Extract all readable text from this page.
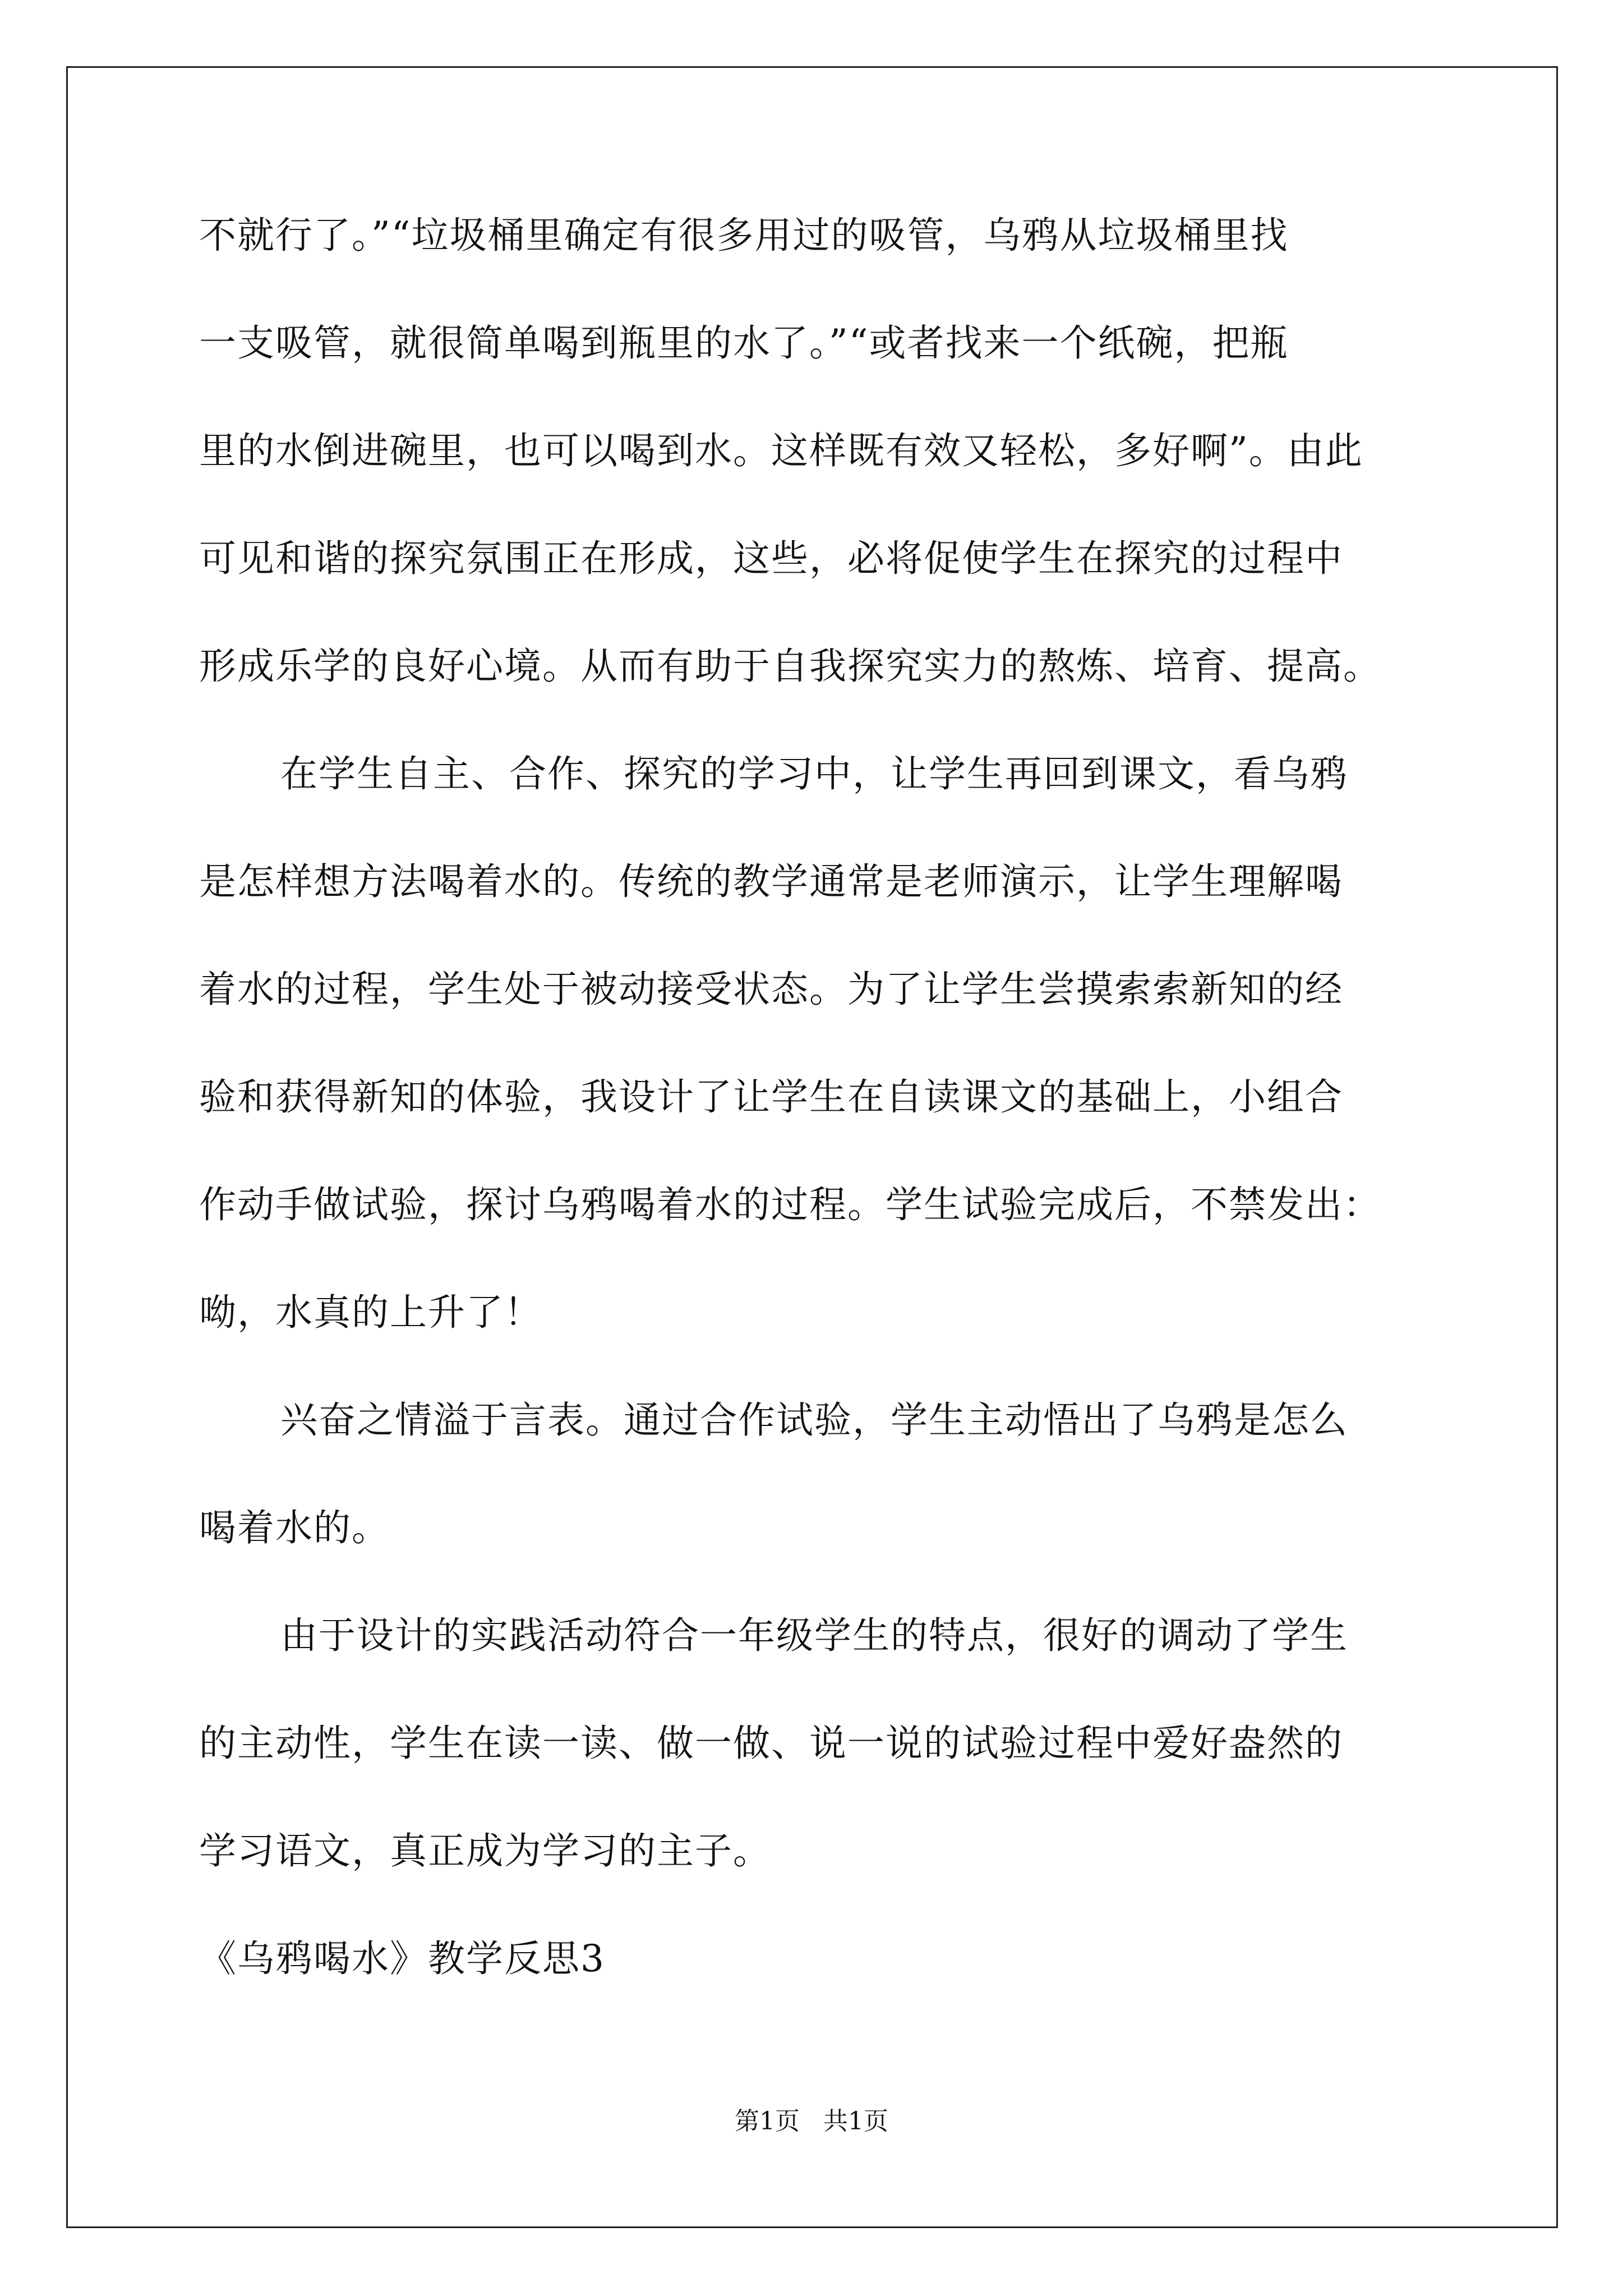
不就行了。”“垃圾桶里确定有很多用过的吸管，乌鸦从垃圾桶里找
一支吸管，就很简单喝到瓶里的水了。”“或者找来一个纸碗，把瓶
里的水倒进碗里，也可以喝到水。这样既有效又轻松，多好啊”。由此
可见和谐的探究氛围正在形成，这些，必将促使学生在探究的过程中
形成乐学的良好心境。从而有助于自我探究实力的熬炼、培育、提高。
在学生自主、合作、探究的学习中，让学生再回到课文，看乌鸦
是怎样想方法喝着水的。传统的教学通常是老师演示，让学生理解喝
着水的过程，学生处于被动接受状态。为了让学生尝摸索索新知的经
验和获得新知的体验，我设计了让学生在自读课文的基础上，小组合
作动手做试验，探讨乌鸦喝着水的过程。学生试验完成后，不禁发出：
呦，水真的上升了！
兴奋之情溢于言表。通过合作试验，学生主动悟出了乌鸦是怎么
喝着水的。
由于设计的实践活动符合一年级学生的特点，很好的调动了学生
的主动性，学生在读一读、做一做、说一说的试验过程中爱好盎然的
学习语文，真正成为学习的主子。
《乌鸦喝水》教学反思3
第1页   共1页
